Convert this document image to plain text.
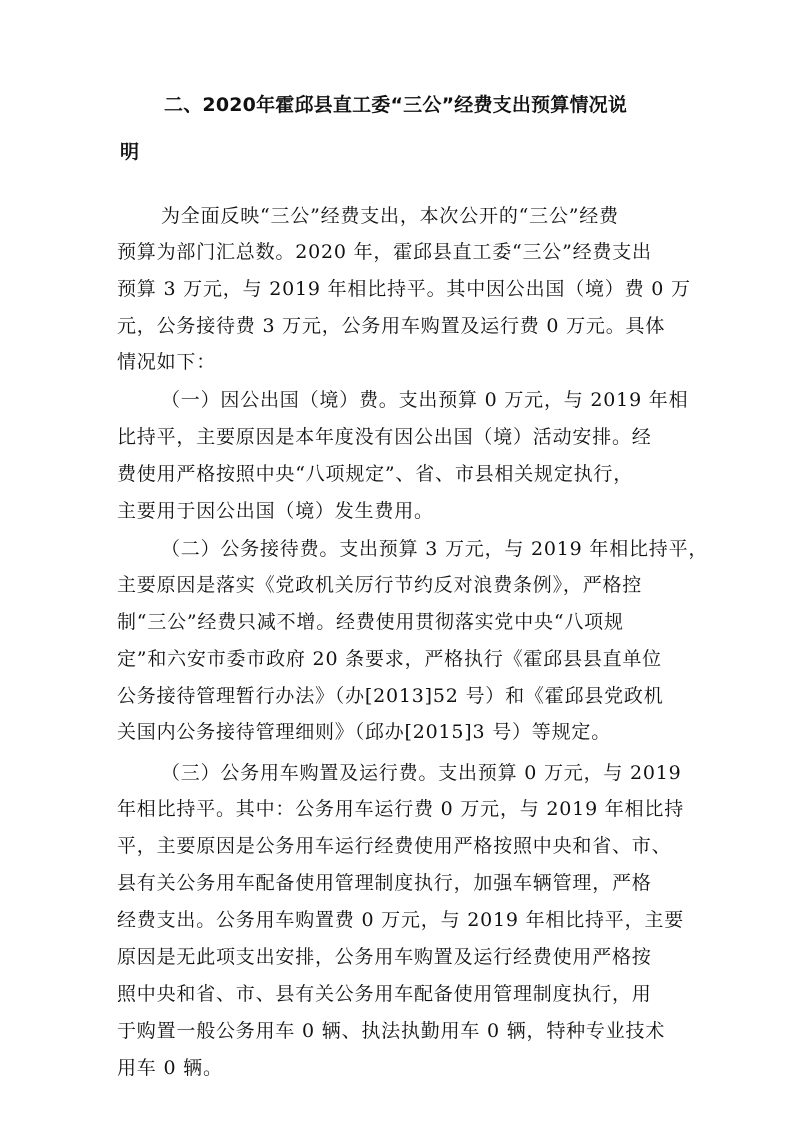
二、2020年霍邱县直工委“三公”经费支出预算情况说
明
为全面反映“三公”经费支出，本次公开的“三公”经费
预算为部门汇总数。2020 年，霍邱县直工委“三公”经费支出
预算 3 万元，与 2019 年相比持平。其中因公出国（境）费 0 万
元，公务接待费 3 万元，公务用车购置及运行费 0 万元。具体
情况如下：
（一）因公出国（境）费。支出预算 0 万元，与 2019 年相
比持平，主要原因是本年度没有因公出国（境）活动安排。经
费使用严格按照中央“八项规定”、省、市县相关规定执行，
主要用于因公出国（境）发生费用。
（二）公务接待费。支出预算 3 万元，与 2019 年相比持平，
主要原因是落实《党政机关厉行节约反对浪费条例》，严格控
制“三公”经费只减不增。经费使用贯彻落实党中央“八项规
定”和六安市委市政府 20 条要求，严格执行《霍邱县县直单位
公务接待管理暂行办法》（办[2013]52 号）和《霍邱县党政机
关国内公务接待管理细则》（邱办[2015]3 号）等规定。
（三）公务用车购置及运行费。支出预算 0 万元，与 2019
年相比持平。其中：公务用车运行费 0 万元，与 2019 年相比持
平，主要原因是公务用车运行经费使用严格按照中央和省、市、
县有关公务用车配备使用管理制度执行，加强车辆管理，严格
经费支出。公务用车购置费 0 万元，与 2019 年相比持平，主要
原因是无此项支出安排，公务用车购置及运行经费使用严格按
照中央和省、市、县有关公务用车配备使用管理制度执行，用
于购置一般公务用车 0 辆、执法执勤用车 0 辆，特种专业技术
用车 0 辆。
